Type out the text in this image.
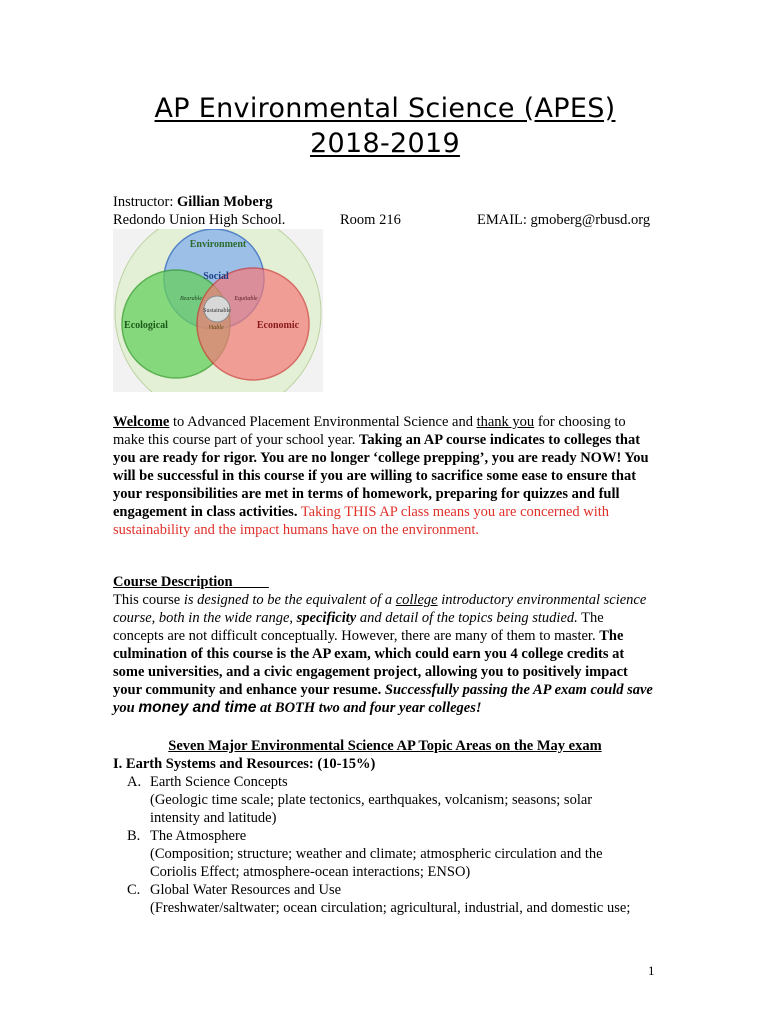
AP Environmental Science (APES)
2018-2019
Instructor: Gillian Moberg
Redondo Union High School.	Room 216	EMAIL: gmoberg@rbusd.org
Environment
Social
Ecological	Economic
Bearable	Equitable
Sustainable
Viable

Welcome to Advanced Placement Environmental Science and thank you for choosing to make this course part of your school year. Taking an AP course indicates to colleges that you are ready for rigor. You are no longer ‘college prepping’, you are ready NOW! You will be successful in this course if you are willing to sacrifice some ease to ensure that your responsibilities are met in terms of homework, preparing for quizzes and full engagement in class activities. Taking THIS AP class means you are concerned with sustainability and the impact humans have on the environment.

Course Description

This course is designed to be the equivalent of a college introductory environmental science course, both in the wide range, specificity and detail of the topics being studied. The concepts are not difficult conceptually. However, there are many of them to master. The culmination of this course is the AP exam, which could earn you 4 college credits at some universities, and a civic engagement project, allowing you to positively impact your community and enhance your resume. Successfully passing the AP exam could save you money and time at BOTH two and four year colleges!

Seven Major Environmental Science AP Topic Areas on the May exam
I. Earth Systems and Resources: (10-15%)
A. Earth Science Concepts
(Geologic time scale; plate tectonics, earthquakes, volcanism; seasons; solar
intensity and latitude)
B. The Atmosphere
(Composition; structure; weather and climate; atmospheric circulation and the
Coriolis Effect; atmosphere-ocean interactions; ENSO)
C. Global Water Resources and Use
(Freshwater/saltwater; ocean circulation; agricultural, industrial, and domestic use;
1
